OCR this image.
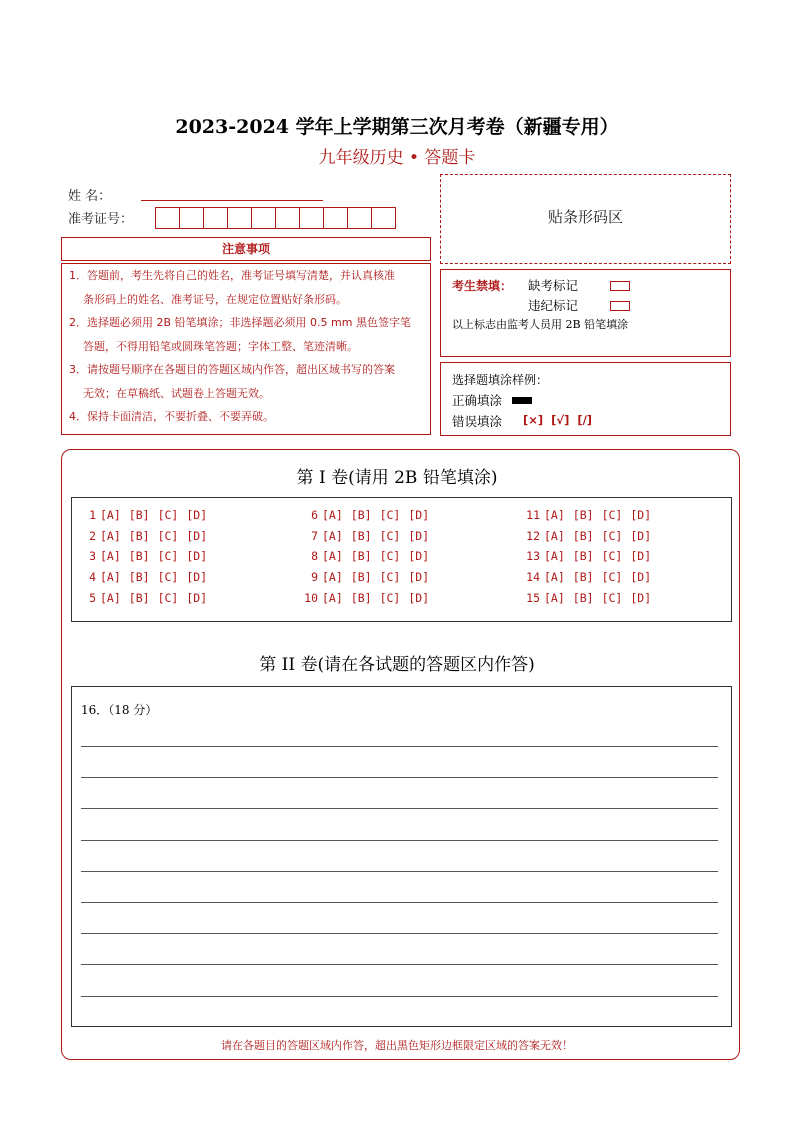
2023-2024 学年上学期第三次月考卷（新疆专用）
九年级历史 • 答题卡
姓 名：
准考证号：	贴条形码区
注意事项
1．答题前，考生先将自己的姓名，准考证号填写清楚，并认真核准
条形码上的姓名、准考证号，在规定位置贴好条形码。
2．选择题必须用 2B 铅笔填涂；非选择题必须用 0.5 mm 黑色签字笔
答题，不得用铅笔或圆珠笔答题；字体工整、笔迹清晰。
3．请按题号顺序在各题目的答题区域内作答，超出区域书写的答案
无效；在草稿纸、试题卷上答题无效。
4．保持卡面清洁，不要折叠、不要弄破。
考生禁填： 缺考标记
违纪标记
以上标志由监考人员用 2B 铅笔填涂
选择题填涂样例：
正确填涂
错误填涂 [×]  [√]  [/]
第 I 卷(请用 2B 铅笔填涂)
1 [A] [B] [C] [D]
2 [A] [B] [C] [D]
3 [A] [B] [C] [D]
4 [A] [B] [C] [D]
5 [A] [B] [C] [D]
6 [A] [B] [C] [D]
7 [A] [B] [C] [D]
8 [A] [B] [C] [D]
9 [A] [B] [C] [D]
10 [A] [B] [C] [D]
11 [A] [B] [C] [D]
12 [A] [B] [C] [D]
13 [A] [B] [C] [D]
14 [A] [B] [C] [D]
15 [A] [B] [C] [D]
第 II 卷(请在各试题的答题区内作答)
16．（18 分）
请在各题目的答题区域内作答，超出黑色矩形边框限定区域的答案无效！
